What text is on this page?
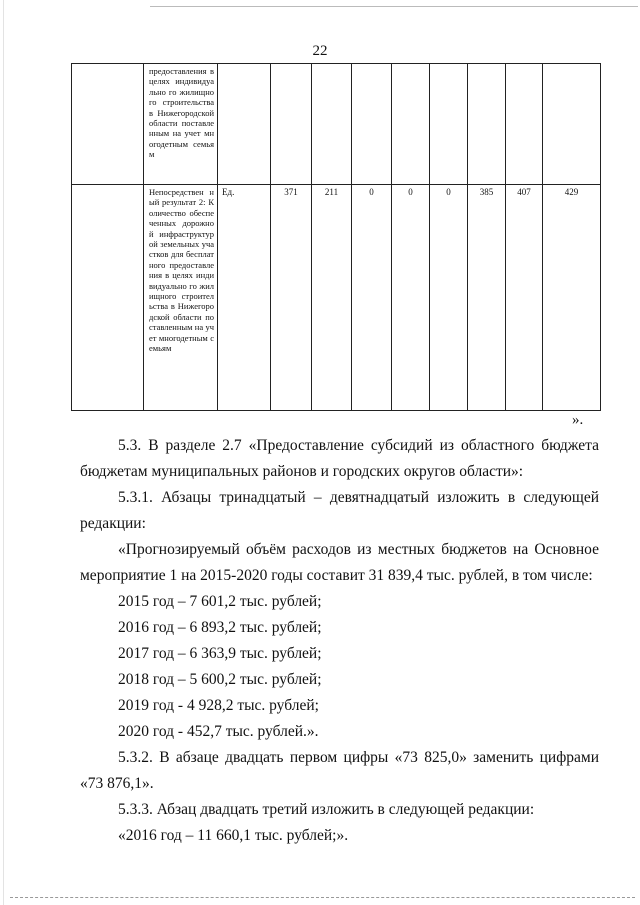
22

	предоставления в целях индивидуально го жилищного строительства в Нижегородской области поставленным на учет многодетным семьям									

	Непосредствен ный результат 2: Количество обеспеченных дорожной инфраструктур ой земельных участков для бесплатного предоставления в целях индивидуально го жилищного строительства в Нижегородской области поставленным на учет многодетным семьям	Ед.	371	211	0	0	0	385	407	429
».

5.3. В разделе 2.7 «Предоставление субсидий из областного бюджета бюджетам муниципальных районов и городских округов области»:

5.3.1. Абзацы тринадцатый – девятнадцатый изложить в следующей редакции:

«Прогнозируемый объём расходов из местных бюджетов на Основное мероприятие 1 на 2015-2020 годы составит 31 839,4 тыс. рублей, в том числе:

2015 год – 7 601,2 тыс. рублей;

2016 год – 6 893,2 тыс. рублей;

2017 год – 6 363,9 тыс. рублей;

2018 год – 5 600,2 тыс. рублей;

2019 год - 4 928,2 тыс. рублей;

2020 год - 452,7 тыс. рублей.».

5.3.2. В абзаце двадцать первом цифры «73 825,0» заменить цифрами «73 876,1».

5.3.3. Абзац двадцать третий изложить в следующей редакции:

«2016 год – 11 660,1 тыс. рублей;».
